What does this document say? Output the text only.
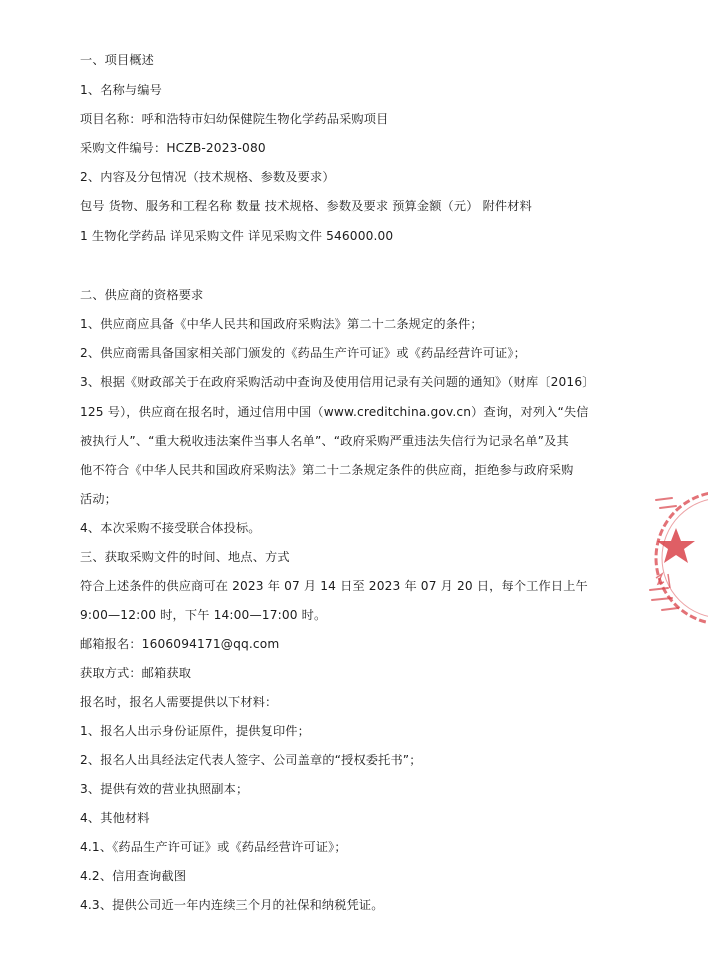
一、项目概述
1、名称与编号
项目名称：呼和浩特市妇幼保健院生物化学药品采购项目
采购文件编号：HCZB-2023-080
2、内容及分包情况（技术规格、参数及要求）
包号 货物、服务和工程名称 数量 技术规格、参数及要求 预算金额（元） 附件材料
1 生物化学药品 详见采购文件 详见采购文件 546000.00
二、供应商的资格要求
1、供应商应具备《中华人民共和国政府采购法》第二十二条规定的条件；
2、供应商需具备国家相关部门颁发的《药品生产许可证》或《药品经营许可证》；
3、根据《财政部关于在政府采购活动中查询及使用信用记录有关问题的通知》（财库〔2016〕
125 号），供应商在报名时，通过信用中国（www.creditchina.gov.cn）查询，对列入“失信
被执行人”、“重大税收违法案件当事人名单”、“政府采购严重违法失信行为记录名单”及其
他不符合《中华人民共和国政府采购法》第二十二条规定条件的供应商，拒绝参与政府采购
活动；
4、本次采购不接受联合体投标。
三、获取采购文件的时间、地点、方式
符合上述条件的供应商可在 2023 年 07 月 14 日至 2023 年 07 月 20 日，每个工作日上午
9:00—12:00 时，下午 14:00—17:00 时。
邮箱报名：1606094171@qq.com
获取方式：邮箱获取
报名时，报名人需要提供以下材料：
1、报名人出示身份证原件，提供复印件；
2、报名人出具经法定代表人签字、公司盖章的“授权委托书”；
3、提供有效的营业执照副本；
4、其他材料
4.1、《药品生产许可证》或《药品经营许可证》；
4.2、信用查询截图
4.3、提供公司近一年内连续三个月的社保和纳税凭证。
